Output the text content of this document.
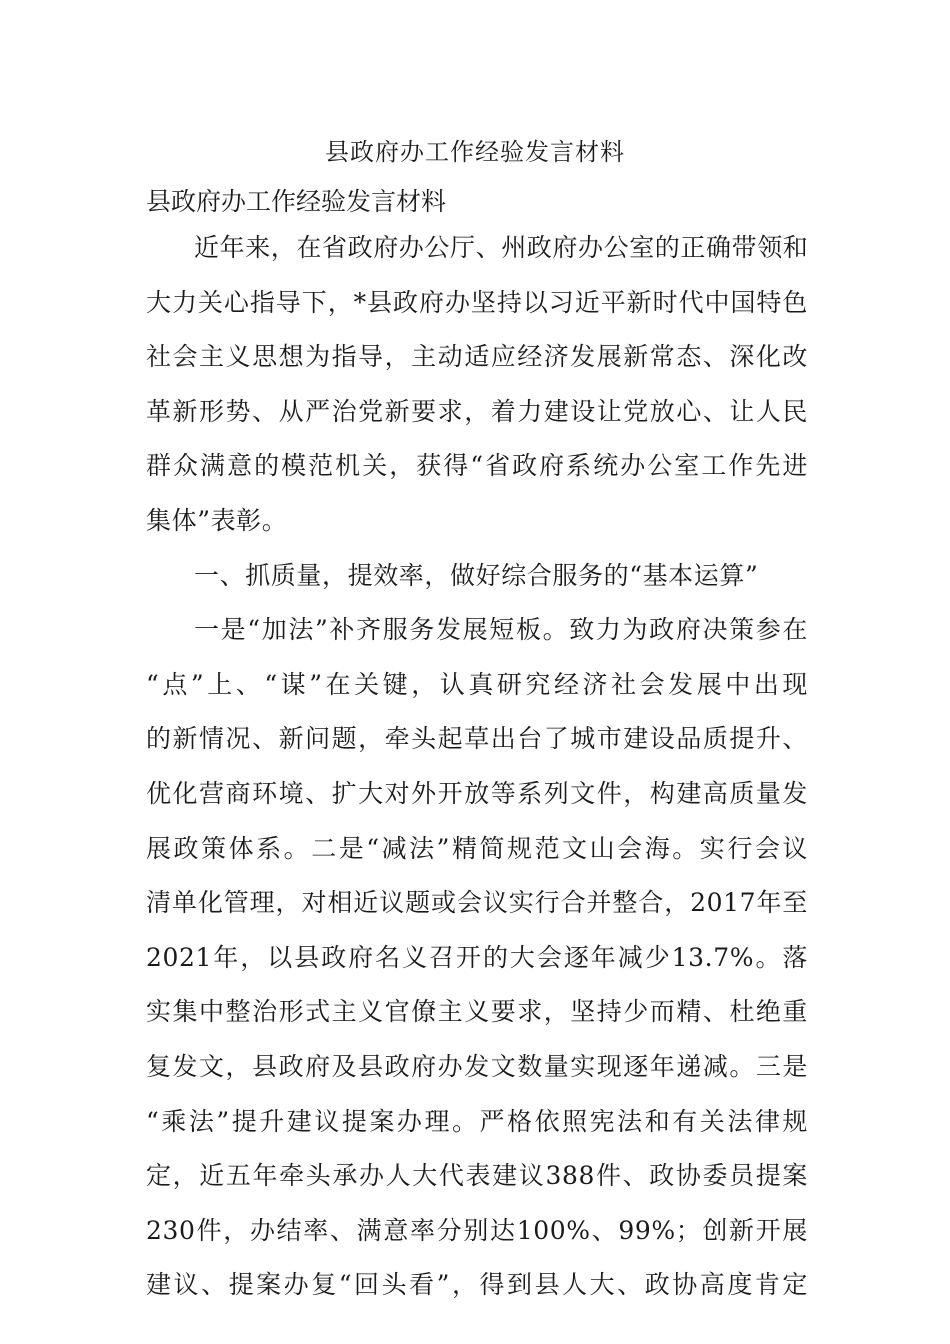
县政府办工作经验发言材料
县政府办工作经验发言材料
近年来，在省政府办公厅、州政府办公室的正确带领和
大力关心指导下，*县政府办坚持以习近平新时代中国特色
社会主义思想为指导，主动适应经济发展新常态、深化改
革新形势、从严治党新要求，着力建设让党放心、让人民
群众满意的模范机关，获得“省政府系统办公室工作先进
集体”表彰。
一、抓质量，提效率，做好综合服务的“基本运算”
一是“加法”补齐服务发展短板。致力为政府决策参在
“点”上、“谋”在关键，认真研究经济社会发展中出现
的新情况、新问题，牵头起草出台了城市建设品质提升、
优化营商环境、扩大对外开放等系列文件，构建高质量发
展政策体系。二是“减法”精简规范文山会海。实行会议
清单化管理，对相近议题或会议实行合并整合，2017年至
2021年，以县政府名义召开的大会逐年减少13.7%。落
实集中整治形式主义官僚主义要求，坚持少而精、杜绝重
复发文，县政府及县政府办发文数量实现逐年递减。三是
“乘法”提升建议提案办理。严格依照宪法和有关法律规
定，近五年牵头承办人大代表建议388件、政协委员提案
230件，办结率、满意率分别达100%、99%；创新开展
建议、提案办复“回头看”，得到县人大、政协高度肯定
